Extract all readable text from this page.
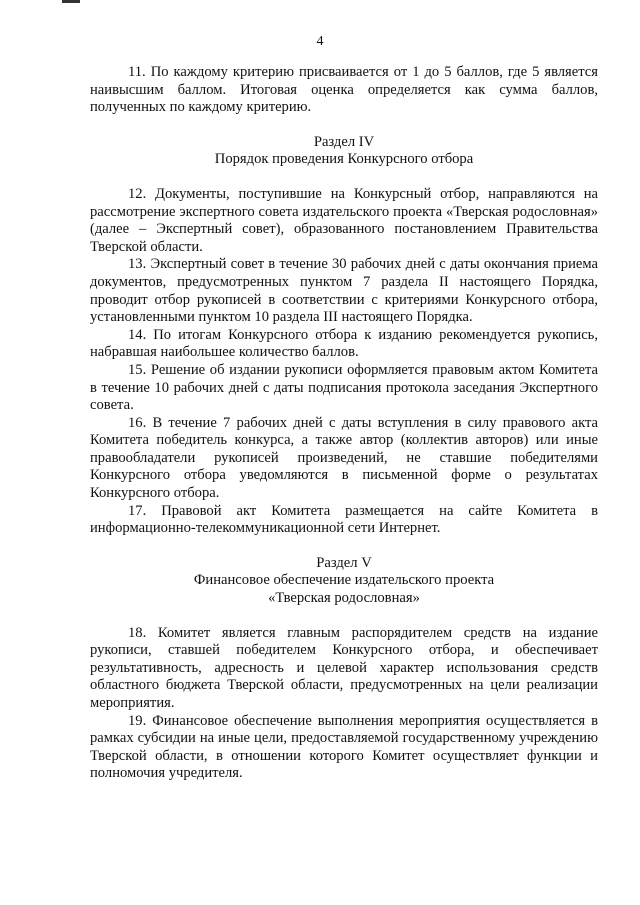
4

11. По каждому критерию присваивается от 1 до 5 баллов, где 5 является наивысшим баллом. Итоговая оценка определяется как сумма баллов, полученных по каждому критерию.

Раздел IV

Порядок проведения Конкурсного отбора

12. Документы, поступившие на Конкурсный отбор, направляются на рассмотрение экспертного совета издательского проекта «Тверская родословная» (далее – Экспертный совет), образованного постановлением Правительства Тверской области.

13. Экспертный совет в течение 30 рабочих дней с даты окончания приема документов, предусмотренных пунктом 7 раздела II настоящего Порядка, проводит отбор рукописей в соответствии с критериями Конкурсного отбора, установленными пунктом 10 раздела III настоящего Порядка.

14. По итогам Конкурсного отбора к изданию рекомендуется рукопись, набравшая наибольшее количество баллов.

15. Решение об издании рукописи оформляется правовым актом Комитета в течение 10 рабочих дней с даты подписания протокола заседания Экспертного совета.

16. В течение 7 рабочих дней с даты вступления в силу правового акта Комитета победитель конкурса, а также автор (коллектив авторов) или иные правообладатели рукописей произведений, не ставшие победителями Конкурсного отбора уведомляются в письменной форме о результатах Конкурсного отбора.

17. Правовой акт Комитета размещается на сайте Комитета в информационно-телекоммуникационной сети Интернет.

Раздел V

Финансовое обеспечение издательского проекта

«Тверская родословная»

18. Комитет является главным распорядителем средств на издание рукописи, ставшей победителем Конкурсного отбора, и обеспечивает результативность, адресность и целевой характер использования средств областного бюджета Тверской области, предусмотренных на цели реализации мероприятия.

19. Финансовое обеспечение выполнения мероприятия осуществляется в рамках субсидии на иные цели, предоставляемой государственному учреждению Тверской области, в отношении которого Комитет осуществляет функции и полномочия учредителя.
